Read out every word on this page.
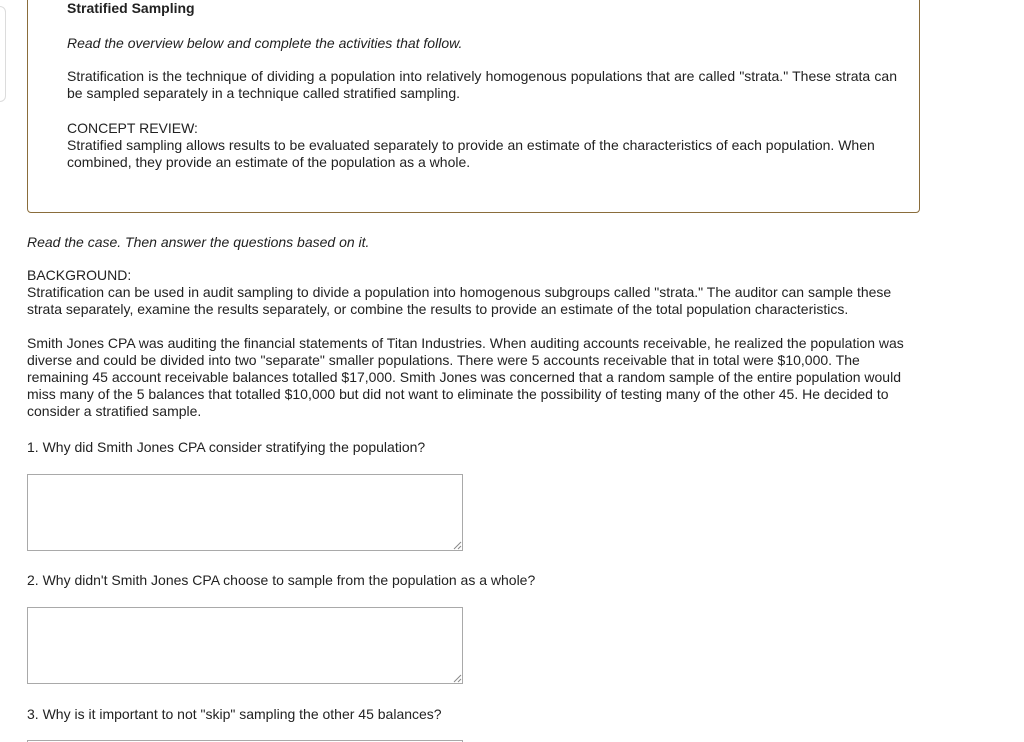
Stratified Sampling
Read the overview below and complete the activities that follow.

Stratification is the technique of dividing a population into relatively homogenous populations that are called "strata." These strata can be sampled separately in a technique called stratified sampling.

CONCEPT REVIEW:

Stratified sampling allows results to be evaluated separately to provide an estimate of the characteristics of each population. When combined, they provide an estimate of the population as a whole.

Read the case. Then answer the questions based on it.

BACKGROUND:

Stratification can be used in audit sampling to divide a population into homogenous subgroups called "strata." The auditor can sample these strata separately, examine the results separately, or combine the results to provide an estimate of the total population characteristics.

Smith Jones CPA was auditing the financial statements of Titan Industries. When auditing accounts receivable, he realized the population was diverse and could be divided into two "separate" smaller populations. There were 5 accounts receivable that in total were $10,000. The remaining 45 account receivable balances totalled $17,000. Smith Jones was concerned that a random sample of the entire population would miss many of the 5 balances that totalled $10,000 but did not want to eliminate the possibility of testing many of the other 45. He decided to consider a stratified sample.

1. Why did Smith Jones CPA consider stratifying the population?
2. Why didn't Smith Jones CPA choose to sample from the population as a whole?
3. Why is it important to not "skip" sampling the other 45 balances?
